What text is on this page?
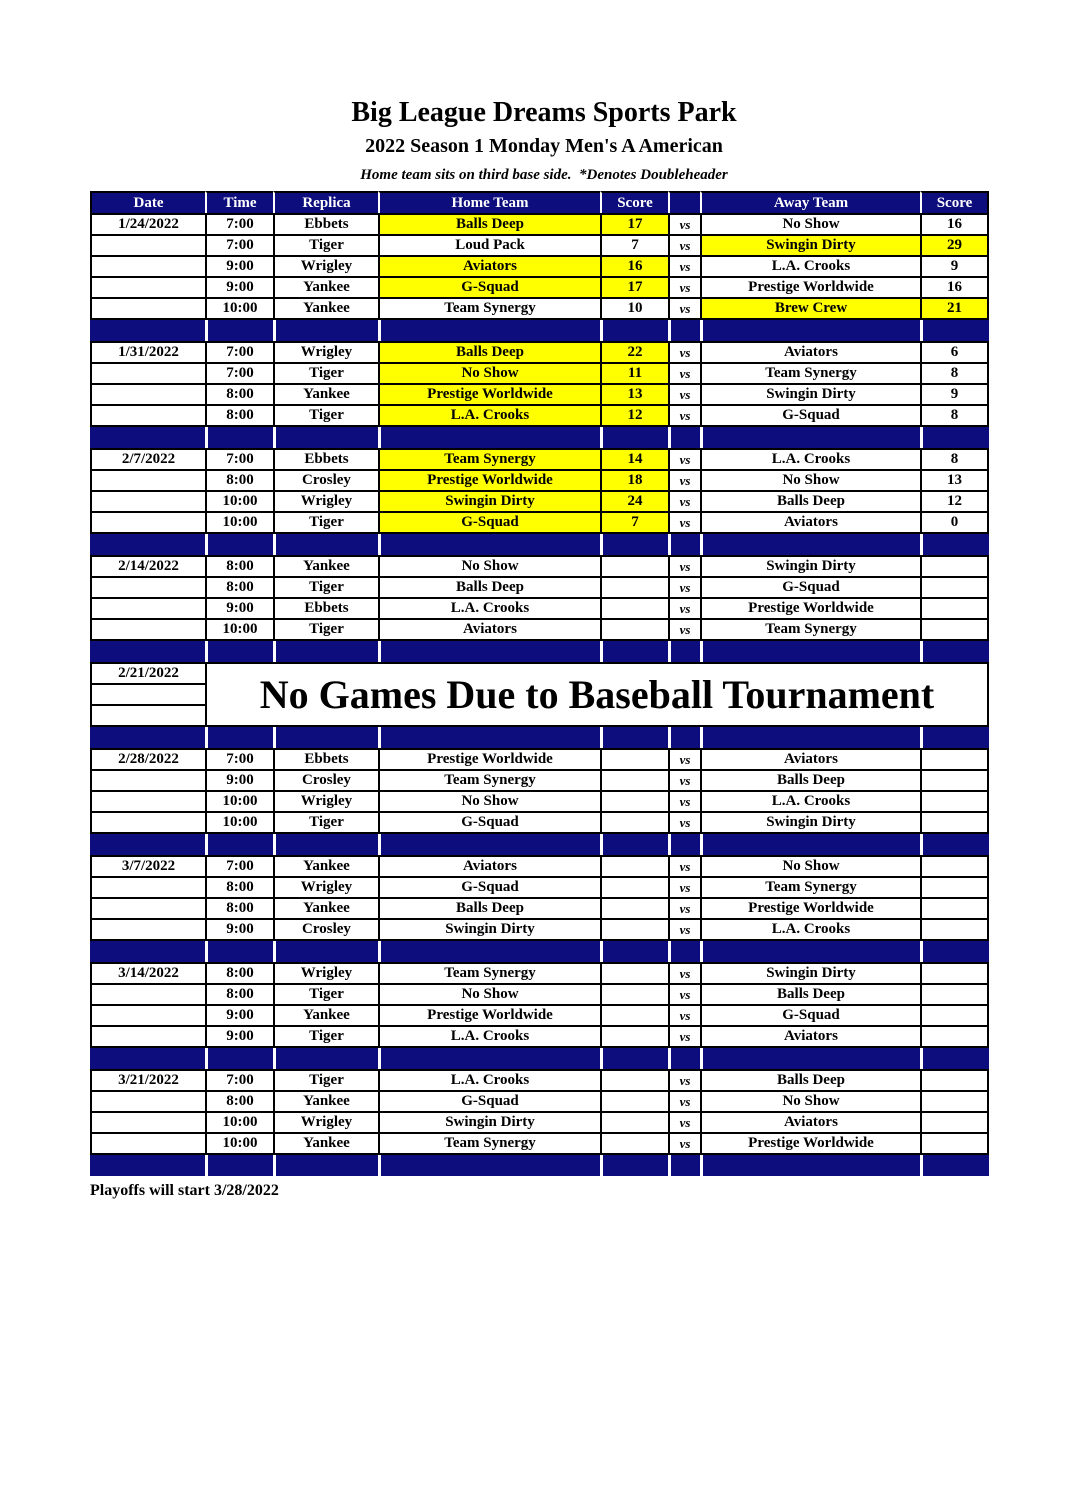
Big League Dreams Sports Park
2022 Season 1 Monday Men's A American
Home team sits on third base side.  *Denotes Doubleheader
Date	Time	Replica	Home Team	Score	Away Team	Score
1/24/2022	7:00	Ebbets	Balls Deep	17	vs	No Show	16
7:00	Tiger	Loud Pack	7	vs	Swingin Dirty	29
9:00	Wrigley	Aviators	16	vs	L.A. Crooks	9
9:00	Yankee	G-Squad	17	vs	Prestige Worldwide	16
10:00	Yankee	Team Synergy	10	vs	Brew Crew	21
1/31/2022	7:00	Wrigley	Balls Deep	22	vs	Aviators	6
7:00	Tiger	No Show	11	vs	Team Synergy	8
8:00	Yankee	Prestige Worldwide	13	vs	Swingin Dirty	9
8:00	Tiger	L.A. Crooks	12	vs	G-Squad	8
2/7/2022	7:00	Ebbets	Team Synergy	14	vs	L.A. Crooks	8
8:00	Crosley	Prestige Worldwide	18	vs	No Show	13
10:00	Wrigley	Swingin Dirty	24	vs	Balls Deep	12
10:00	Tiger	G-Squad	7	vs	Aviators	0
2/14/2022	8:00	Yankee	No Show	vs	Swingin Dirty
8:00	Tiger	Balls Deep	vs	G-Squad
9:00	Ebbets	L.A. Crooks	vs	Prestige Worldwide
10:00	Tiger	Aviators	vs	Team Synergy
2/21/2022	No Games Due to Baseball Tournament
2/28/2022	7:00	Ebbets	Prestige Worldwide	vs	Aviators
9:00	Crosley	Team Synergy	vs	Balls Deep
10:00	Wrigley	No Show	vs	L.A. Crooks
10:00	Tiger	G-Squad	vs	Swingin Dirty
3/7/2022	7:00	Yankee	Aviators	vs	No Show
8:00	Wrigley	G-Squad	vs	Team Synergy
8:00	Yankee	Balls Deep	vs	Prestige Worldwide
9:00	Crosley	Swingin Dirty	vs	L.A. Crooks
3/14/2022	8:00	Wrigley	Team Synergy	vs	Swingin Dirty
8:00	Tiger	No Show	vs	Balls Deep
9:00	Yankee	Prestige Worldwide	vs	G-Squad
9:00	Tiger	L.A. Crooks	vs	Aviators
3/21/2022	7:00	Tiger	L.A. Crooks	vs	Balls Deep
8:00	Yankee	G-Squad	vs	No Show
10:00	Wrigley	Swingin Dirty	vs	Aviators
10:00	Yankee	Team Synergy	vs	Prestige Worldwide
Playoffs will start 3/28/2022
